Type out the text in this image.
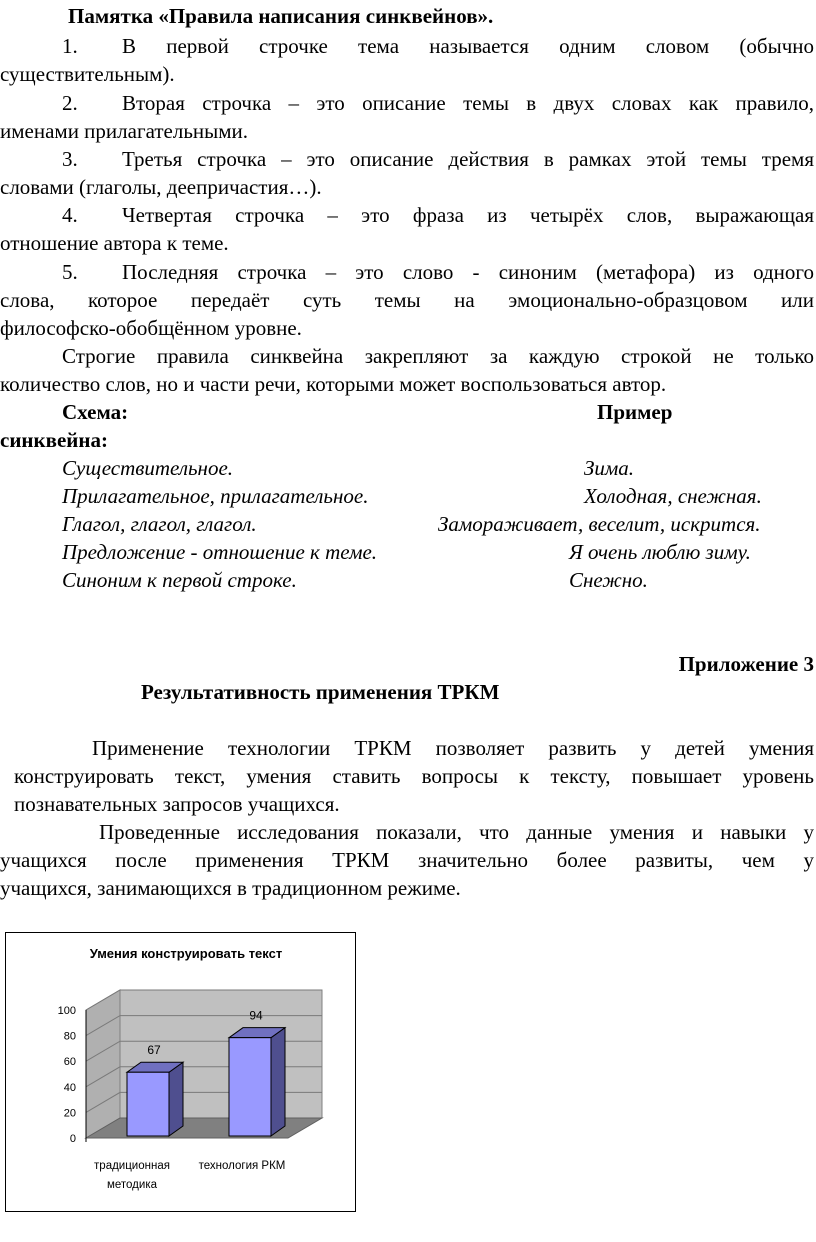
Памятка «Правила написания синквейнов».
1. В первой строчке тема называется одним словом (обычно
существительным).
2. Вторая строчка – это описание темы в двух словах как правило,
именами прилагательными.
3. Третья строчка – это описание действия в рамках этой темы тремя
словами (глаголы, деепричастия…).
4. Четвертая строчка – это фраза из четырёх слов, выражающая
отношение автора к теме.
5. Последняя строчка – это слово - синоним (метафора) из одного
слова, которое передаёт суть темы на эмоционально-образцовом или
философско-обобщённом уровне.
Строгие правила синквейна закрепляют за каждую строкой не только
количество слов, но и части речи, которыми может воспользоваться автор.
Схема:	Пример
синквейна:
Существительное.
Прилагательное, прилагательное.
Глагол, глагол, глагол.
Предложение - отношение к теме.
Синоним к первой строке.
Зима.
Холодная, снежная.
Замораживает, веселит, искрится.
Я очень люблю зиму.
Снежно.
Приложение 3
Результативность применения ТРКМ
Применение технологии ТРКМ позволяет развить у детей умения
конструировать текст, умения ставить вопросы к тексту, повышает уровень
познавательных запросов учащихся.
Проведенные исследования показали, что данные умения и навыки у
учащихся после применения ТРКМ значительно более развиты, чем у
учащихся, занимающихся в традиционном режиме.
Умения конструировать текст
0
20
40
60
80
100
67
94
традиционная
методика
технология РКМ
